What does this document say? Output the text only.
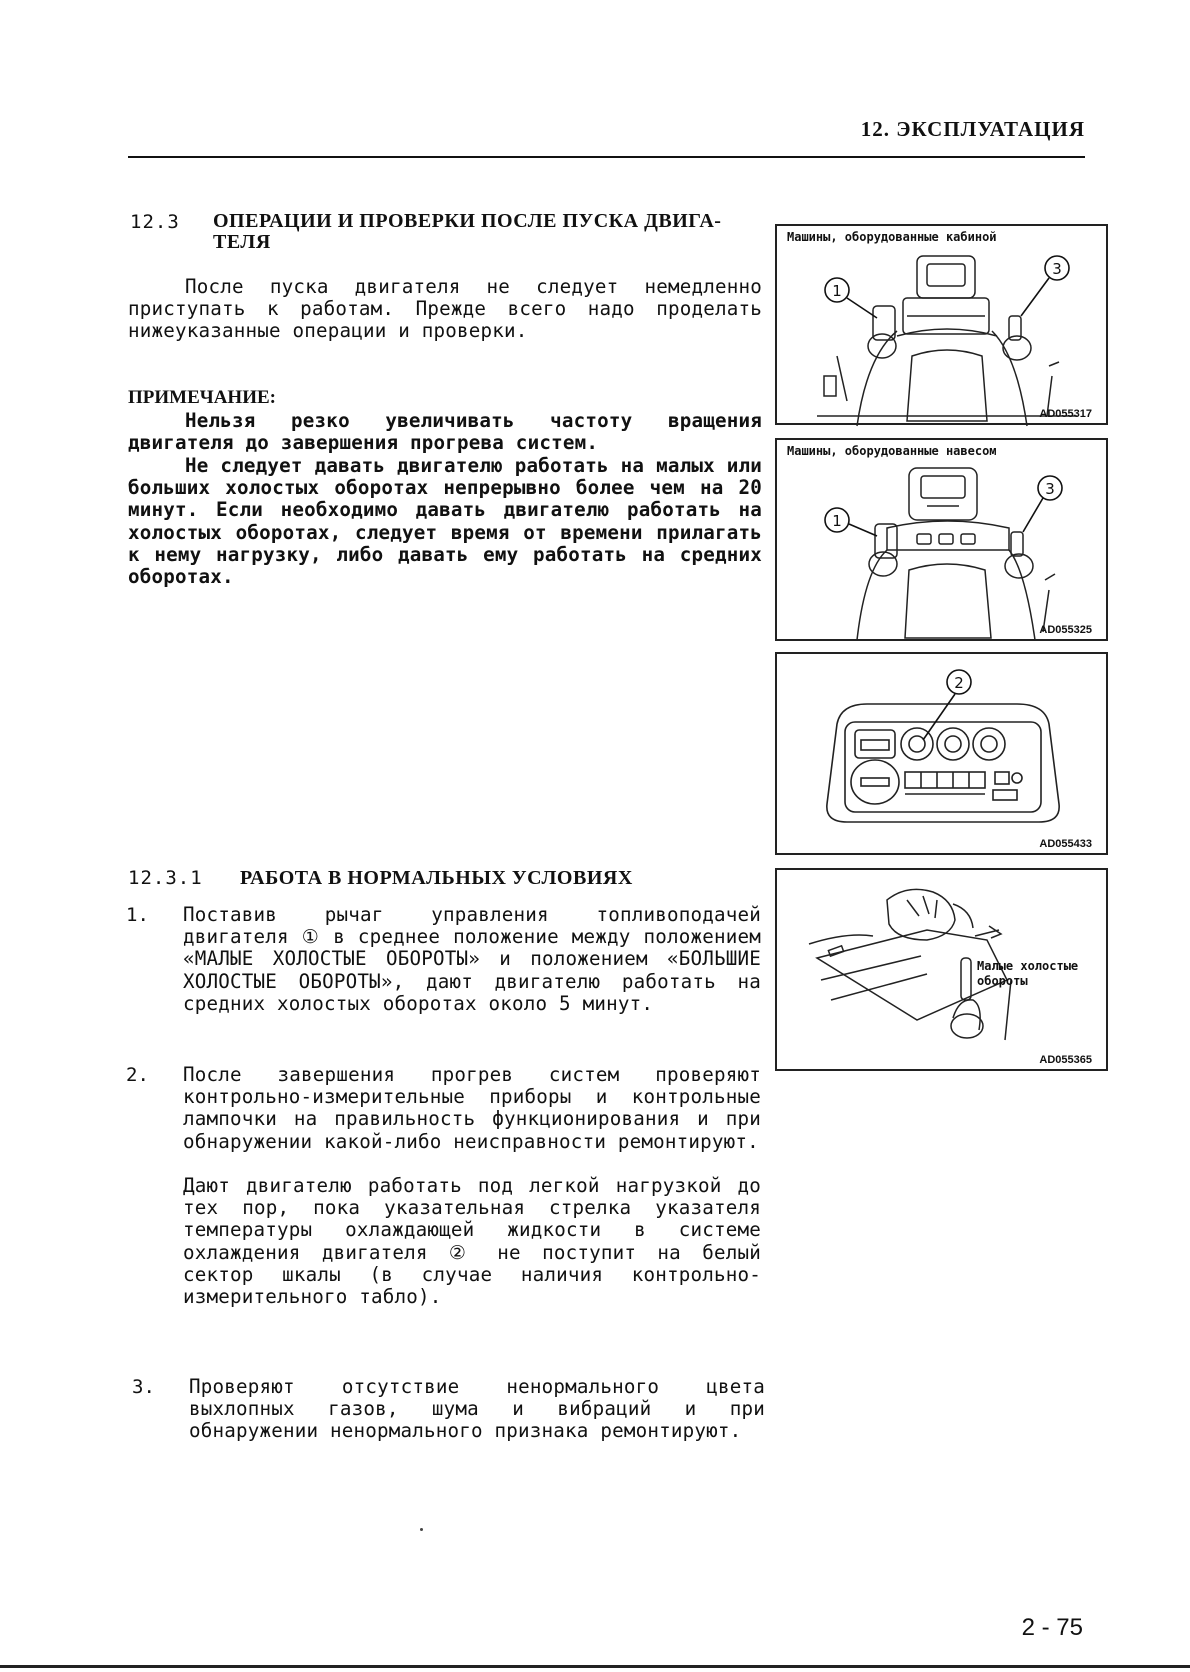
12. ЭКСПЛУАТАЦИЯ
12.3 ОПЕРАЦИИ И ПРОВЕРКИ ПОСЛЕ ПУСКА ДВИГА-
ТЕЛЯ

После пуска двигателя не следует немедленно приступать к работам. Прежде всего надо проделать нижеуказанные операции и проверки.

ПРИМЕЧАНИЕ:

Нельзя резко увеличивать частоту вращения двигателя до завершения прогрева систем.

Не следует давать двигателю работать на малых или больших холостых оборотах непрерывно более чем на 20 минут. Если необходимо давать двигателю работать на холостых оборотах, следует время от времени прилагать к нему нагрузку, либо давать ему работать на средних оборотах.

12.3.1 РАБОТА В НОРМАЛЬНЫХ УСЛОВИЯХ
1. Поставив рычаг управления топливоподачей двигателя ① в среднее положение между положением «МАЛЫЕ ХОЛОСТЫЕ ОБОРОТЫ» и положением «БОЛЬШИЕ ХОЛОСТЫЕ ОБОРОТЫ», дают двигателю работать на средних холостых оборотах около 5 минут.

2. После завершения прогрев систем проверяют контрольно-измерительные приборы и контрольные лампочки на правильность функционирования и при обнаружении какой-либо неисправности ремонтируют.

Дают двигателю работать под легкой нагрузкой до тех пор, пока указательная стрелка указателя температуры охлаждающей жидкости в системе охлаждения двигателя ② не поступит на белый сектор шкалы (в случае наличия контрольно-измерительного табло).

3. Проверяют отсутствие ненормального цвета выхлопных газов, шума и вибраций и при обнаружении ненормального признака ремонтируют.

1
3
Машины, оборудованные кабиной
AD055317
1
3
Машины, оборудованные навесом
AD055325
2
AD055433
Малые холостые
обороты
AD055365
2 - 75
